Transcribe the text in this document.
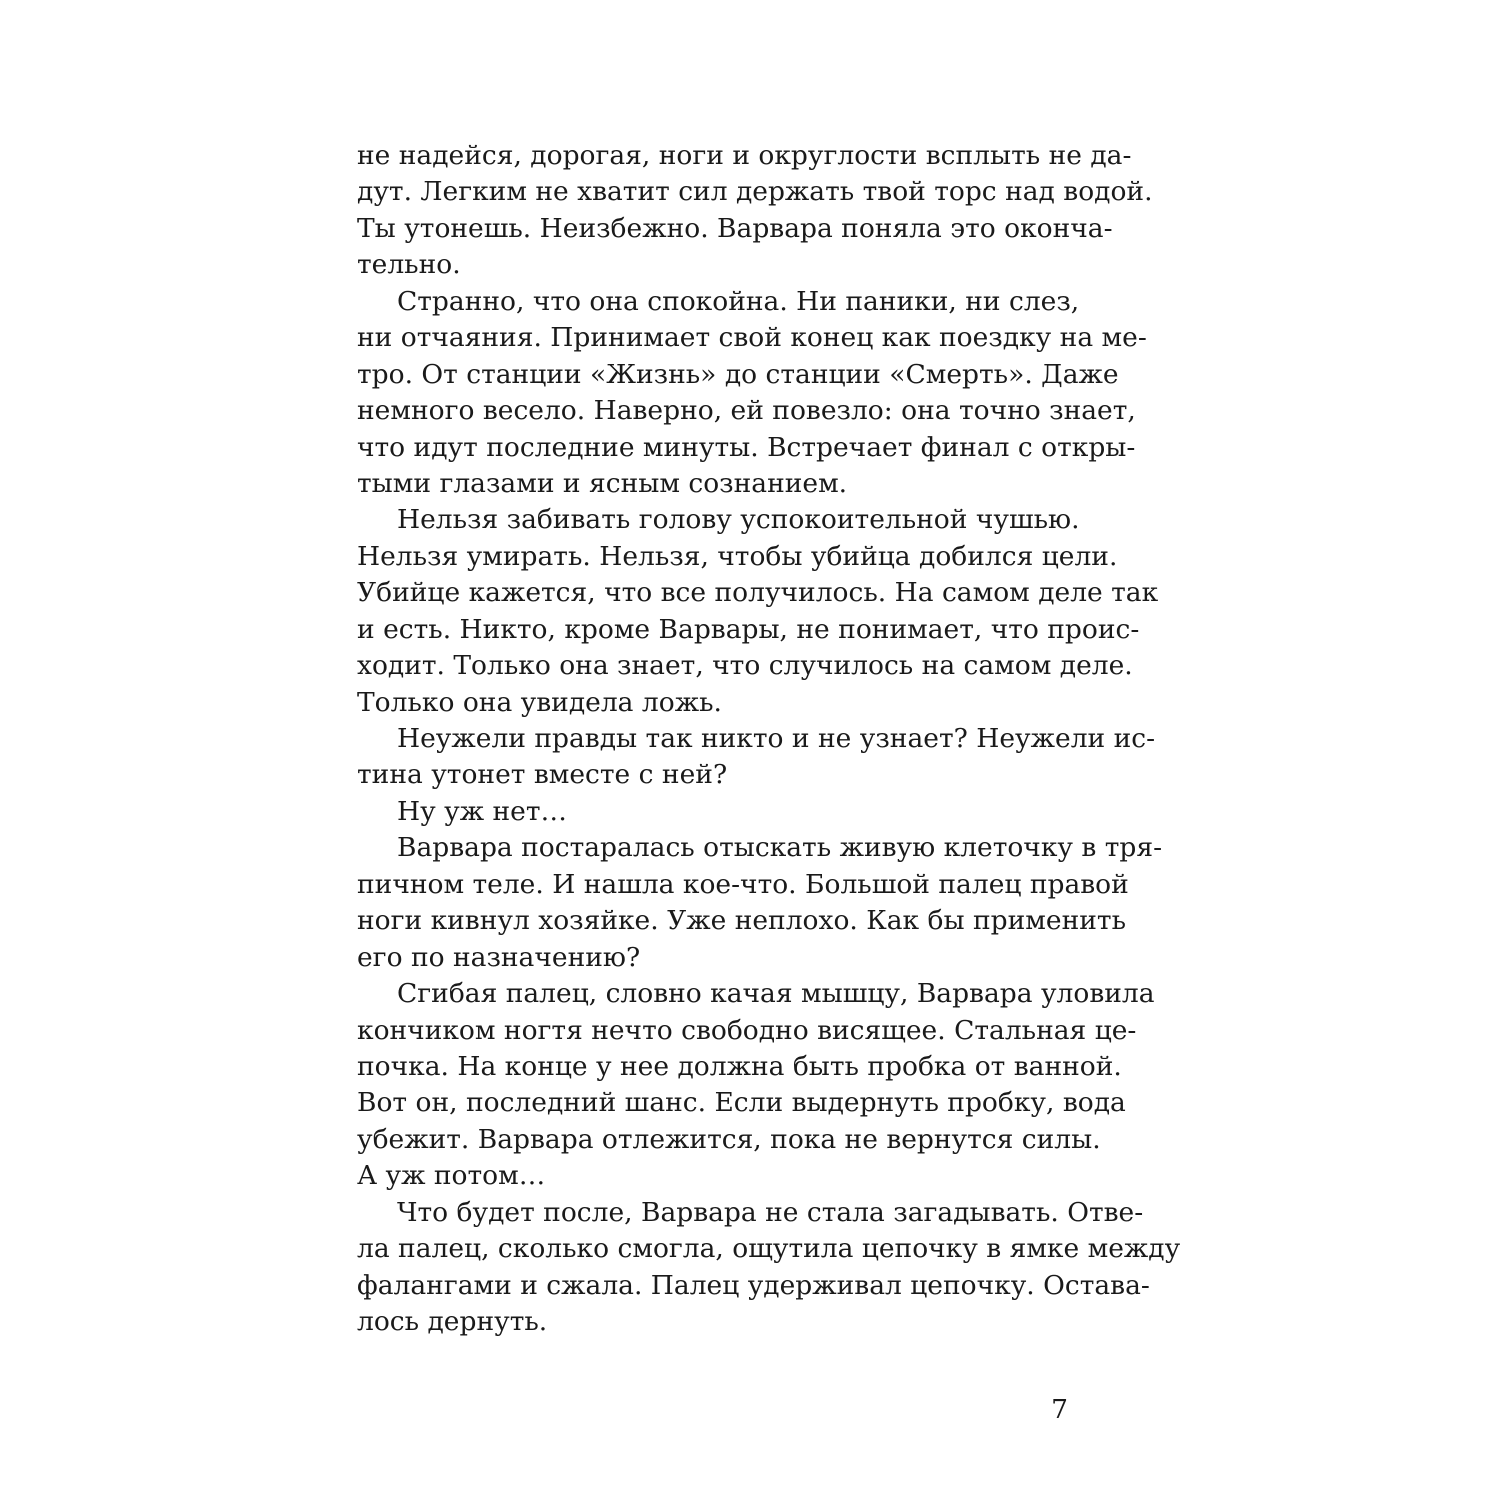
не надейся, дорогая, ноги и округлости всплыть не да-
дут. Легким не хватит сил держать твой торс над водой.
Ты утонешь. Неизбежно. Варвара поняла это оконча-
тельно.
Странно, что она спокойна. Ни паники, ни слез,
ни отчаяния. Принимает свой конец как поездку на ме-
тро. От станции «Жизнь» до станции «Смерть». Даже
немного весело. Наверно, ей повезло: она точно знает,
что идут последние минуты. Встречает финал с откры-
тыми глазами и ясным сознанием.
Нельзя забивать голову успокоительной чушью.
Нельзя умирать. Нельзя, чтобы убийца добился цели.
Убийце кажется, что все получилось. На самом деле так
и есть. Никто, кроме Варвары, не понимает, что проис-
ходит. Только она знает, что случилось на самом деле.
Только она увидела ложь.
Неужели правды так никто и не узнает? Неужели ис-
тина утонет вместе с ней?
Ну уж нет…
Варвара постаралась отыскать живую клеточку в тря-
пичном теле. И нашла кое-что. Большой палец правой
ноги кивнул хозяйке. Уже неплохо. Как бы применить
его по назначению?
Сгибая палец, словно качая мышцу, Варвара уловила
кончиком ногтя нечто свободно висящее. Стальная це-
почка. На конце у нее должна быть пробка от ванной.
Вот он, последний шанс. Если выдернуть пробку, вода
убежит. Варвара отлежится, пока не вернутся силы.
А уж потом…
Что будет после, Варвара не стала загадывать. Отве-
ла палец, сколько смогла, ощутила цепочку в ямке между
фалангами и сжала. Палец удерживал цепочку. Остава-
лось дернуть.
7
